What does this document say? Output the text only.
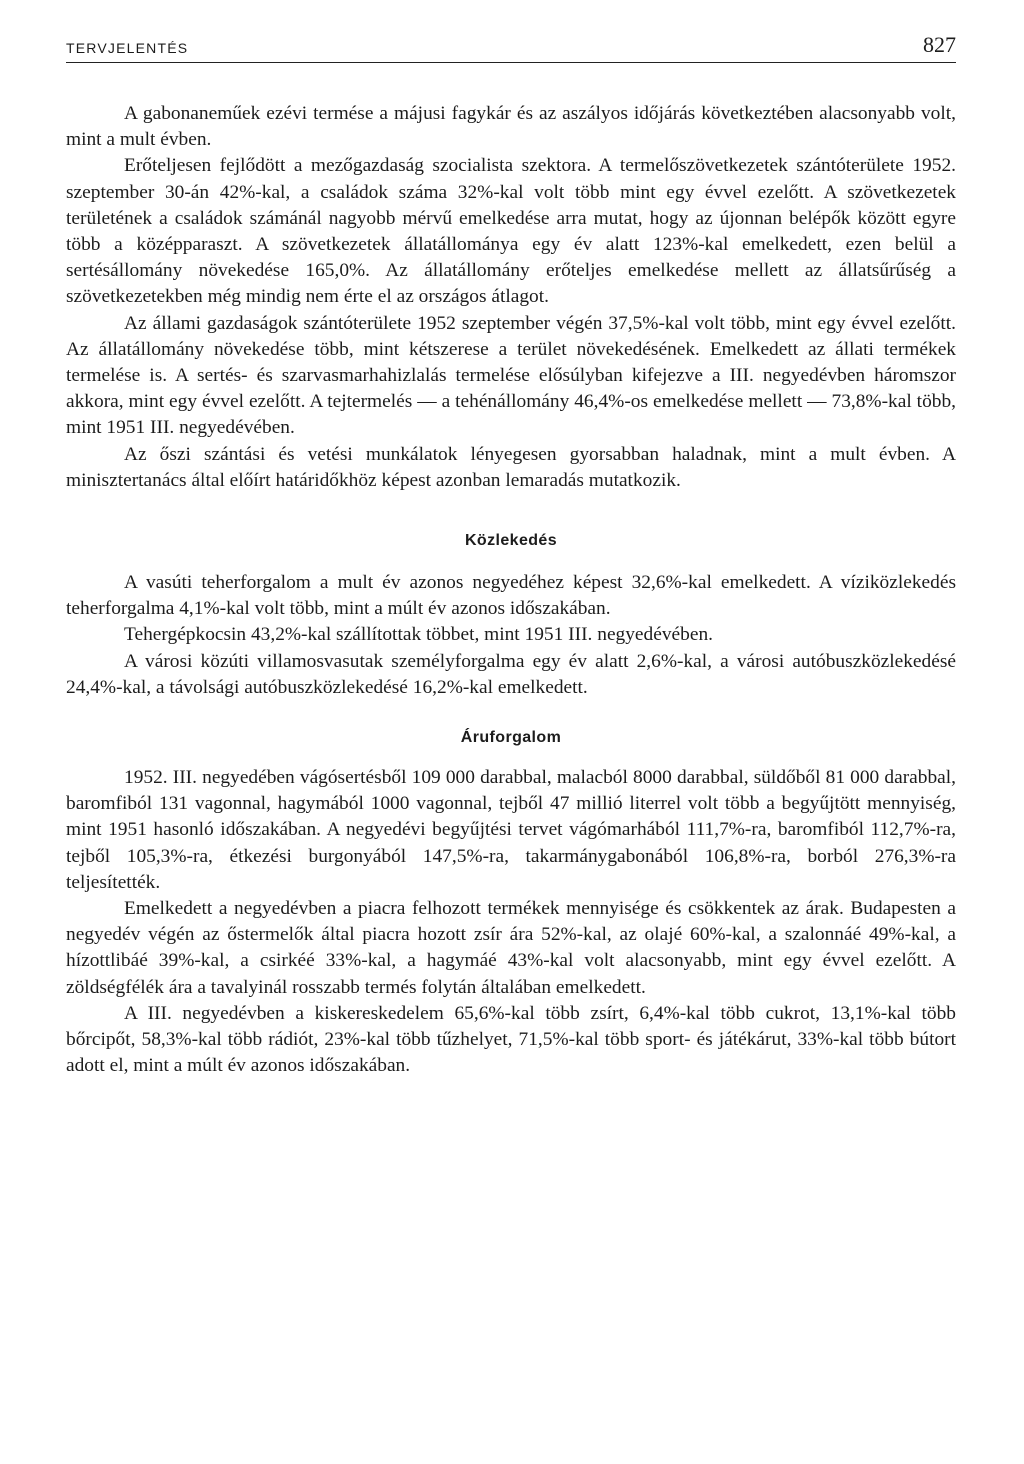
TERVJELENTÉS	827

A gabonaneműek ezévi termése a májusi fagykár és az aszályos időjárás következtében alacsonyabb volt, mint a mult évben.

Erőteljesen fejlődött a mezőgazdaság szocialista szektora. A termelőszövetkezetek szántóterülete 1952. szeptember 30-án 42%-kal, a családok száma 32%-kal volt több mint egy évvel ezelőtt. A szövetkezetek területének a családok számánál nagyobb mérvű emelkedése arra mutat, hogy az újonnan belépők között egyre több a középparaszt. A szövetkezetek állatállománya egy év alatt 123%-kal emelkedett, ezen belül a sertésállomány növekedése 165,0%. Az állatállomány erőteljes emelkedése mellett az állatsűrűség a szövetkezetekben még mindig nem érte el az országos átlagot.

Az állami gazdaságok szántóterülete 1952 szeptember végén 37,5%-kal volt több, mint egy évvel ezelőtt. Az állatállomány növekedése több, mint kétszerese a terület növekedésének. Emelkedett az állati termékek termelése is. A sertés- és szarvasmarhahizlalás termelése elősúlyban kifejezve a III. negyedévben háromszor akkora, mint egy évvel ezelőtt. A tejtermelés — a tehénállomány 46,4%-os emelkedése mellett — 73,8%-kal több, mint 1951 III. negyedévében.

Az őszi szántási és vetési munkálatok lényegesen gyorsabban haladnak, mint a mult évben. A minisztertanács által előírt határidőkhöz képest azonban lemaradás mutatkozik.

Közlekedés

A vasúti teherforgalom a mult év azonos negyedéhez képest 32,6%-kal emelkedett. A víziközlekedés teherforgalma 4,1%-kal volt több, mint a múlt év azonos időszakában.

Tehergépkocsin 43,2%-kal szállítottak többet, mint 1951 III. negyedévében.

A városi közúti villamosvasutak személyforgalma egy év alatt 2,6%-kal, a városi autóbuszközlekedésé 24,4%-kal, a távolsági autóbuszközlekedésé 16,2%-kal emelkedett.

Áruforgalom

1952. III. negyedében vágósertésből 109 000 darabbal, malacból 8000 darabbal, süldőből 81 000 darabbal, baromfiból 131 vagonnal, hagymából 1000 vagonnal, tejből 47 millió literrel volt több a begyűjtött mennyiség, mint 1951 hasonló időszakában. A negyedévi begyűjtési tervet vágómarhából 111,7%-ra, baromfiból 112,7%-ra, tejből 105,3%-ra, étkezési burgonyából 147,5%-ra, takarmánygabonából 106,8%-ra, borból 276,3%-ra teljesítették.

Emelkedett a negyedévben a piacra felhozott termékek mennyisége és csökkentek az árak. Budapesten a negyedév végén az őstermelők által piacra hozott zsír ára 52%-kal, az olajé 60%-kal, a szalonnáé 49%-kal, a hízottlibáé 39%-kal, a csirkéé 33%-kal, a hagymáé 43%-kal volt alacsonyabb, mint egy évvel ezelőtt. A zöldségfélék ára a tavalyinál rosszabb termés folytán általában emelkedett.

A III. negyedévben a kiskereskedelem 65,6%-kal több zsírt, 6,4%-kal több cukrot, 13,1%-kal több bőrcipőt, 58,3%-kal több rádiót, 23%-kal több tűzhelyet, 71,5%-kal több sport- és játékárut, 33%-kal több bútort adott el, mint a múlt év azonos időszakában.
